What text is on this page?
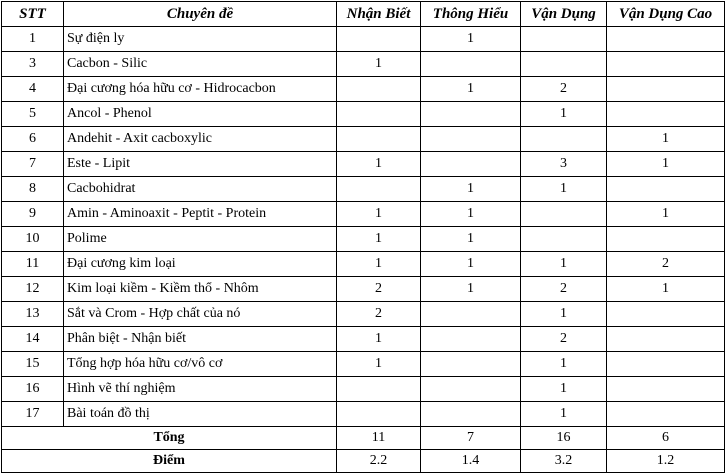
STT	Chuyên đề	Nhận Biết	Thông Hiểu	Vận Dụng	Vận Dụng Cao
1	Sự điện ly		1		
3	Cacbon - Silic	1			
4	Đại cương hóa hữu cơ - Hidrocacbon		1	2	
5	Ancol - Phenol			1	
6	Andehit - Axit cacboxylic				1
7	Este - Lipit	1		3	1
8	Cacbohidrat		1	1	
9	Amin - Aminoaxit - Peptit - Protein	1	1		1
10	Polime	1	1		
11	Đại cương kim loại	1	1	1	2
12	Kim loại kiềm - Kiềm thổ - Nhôm	2	1	2	1
13	Sắt và Crom - Hợp chất của nó	2		1	
14	Phân biệt - Nhận biết	1		2	
15	Tổng hợp hóa hữu cơ/vô cơ	1		1	
16	Hình vẽ thí nghiệm			1	
17	Bài toán đồ thị			1	
Tổng		11	7	16	6
Điểm		2.2	1.4	3.2	1.2
